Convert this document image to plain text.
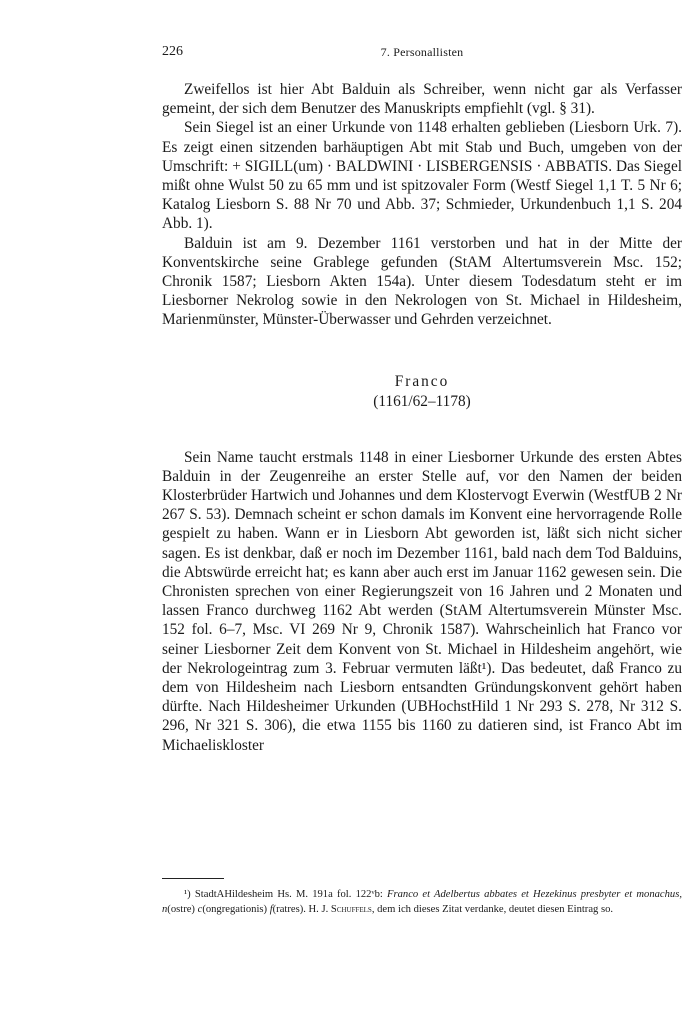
226	7. Personallisten

Zweifellos ist hier Abt Balduin als Schreiber, wenn nicht gar als Verfasser gemeint, der sich dem Benutzer des Manuskripts empfiehlt (vgl. § 31).

Sein Siegel ist an einer Urkunde von 1148 erhalten geblieben (Liesborn Urk. 7). Es zeigt einen sitzenden barhäuptigen Abt mit Stab und Buch, umgeben von der Umschrift: + SIGILL(um) · BALDWINI · LISBERGENSIS · ABBATIS. Das Siegel mißt ohne Wulst 50 zu 65 mm und ist spitzovaler Form (Westf Siegel 1,1 T. 5 Nr 6; Katalog Liesborn S. 88 Nr 70 und Abb. 37; Schmieder, Urkundenbuch 1,1 S. 204 Abb. 1).

Balduin ist am 9. Dezember 1161 verstorben und hat in der Mitte der Konventskirche seine Grablege gefunden (StAM Altertumsverein Msc. 152; Chronik 1587; Liesborn Akten 154a). Unter diesem Todesdatum steht er im Liesborner Nekrolog sowie in den Nekrologen von St. Michael in Hildesheim, Marienmünster, Münster-Überwasser und Gehrden verzeichnet.

Franco
(1161/62–1178)

Sein Name taucht erstmals 1148 in einer Liesborner Urkunde des ersten Abtes Balduin in der Zeugenreihe an erster Stelle auf, vor den Namen der beiden Klosterbrüder Hartwich und Johannes und dem Klostervogt Everwin (WestfUB 2 Nr 267 S. 53). Demnach scheint er schon damals im Konvent eine hervorragende Rolle gespielt zu haben. Wann er in Liesborn Abt geworden ist, läßt sich nicht sicher sagen. Es ist denkbar, daß er noch im Dezember 1161, bald nach dem Tod Balduins, die Abtswürde erreicht hat; es kann aber auch erst im Januar 1162 gewesen sein. Die Chronisten sprechen von einer Regierungszeit von 16 Jahren und 2 Monaten und lassen Franco durchweg 1162 Abt werden (StAM Altertumsverein Münster Msc. 152 fol. 6–7, Msc. VI 269 Nr 9, Chronik 1587). Wahrscheinlich hat Franco vor seiner Liesborner Zeit dem Konvent von St. Michael in Hildesheim angehört, wie der Nekrologeintrag zum 3. Februar vermuten läßt¹). Das bedeutet, daß Franco zu dem von Hildesheim nach Liesborn entsandten Gründungskonvent gehört haben dürfte. Nach Hildesheimer Urkunden (UBHochstHild 1 Nr 293 S. 278, Nr 312 S. 296, Nr 321 S. 306), die etwa 1155 bis 1160 zu datieren sind, ist Franco Abt im Michaeliskloster

¹) StadtAHildesheim Hs. M. 191a fol. 122ᵛb: Franco et Adelbertus abbates et Hezekinus presbyter et monachus, n(ostre) c(ongregationis) f(ratres). H. J. Schuffels, dem ich dieses Zitat verdanke, deutet diesen Eintrag so.
